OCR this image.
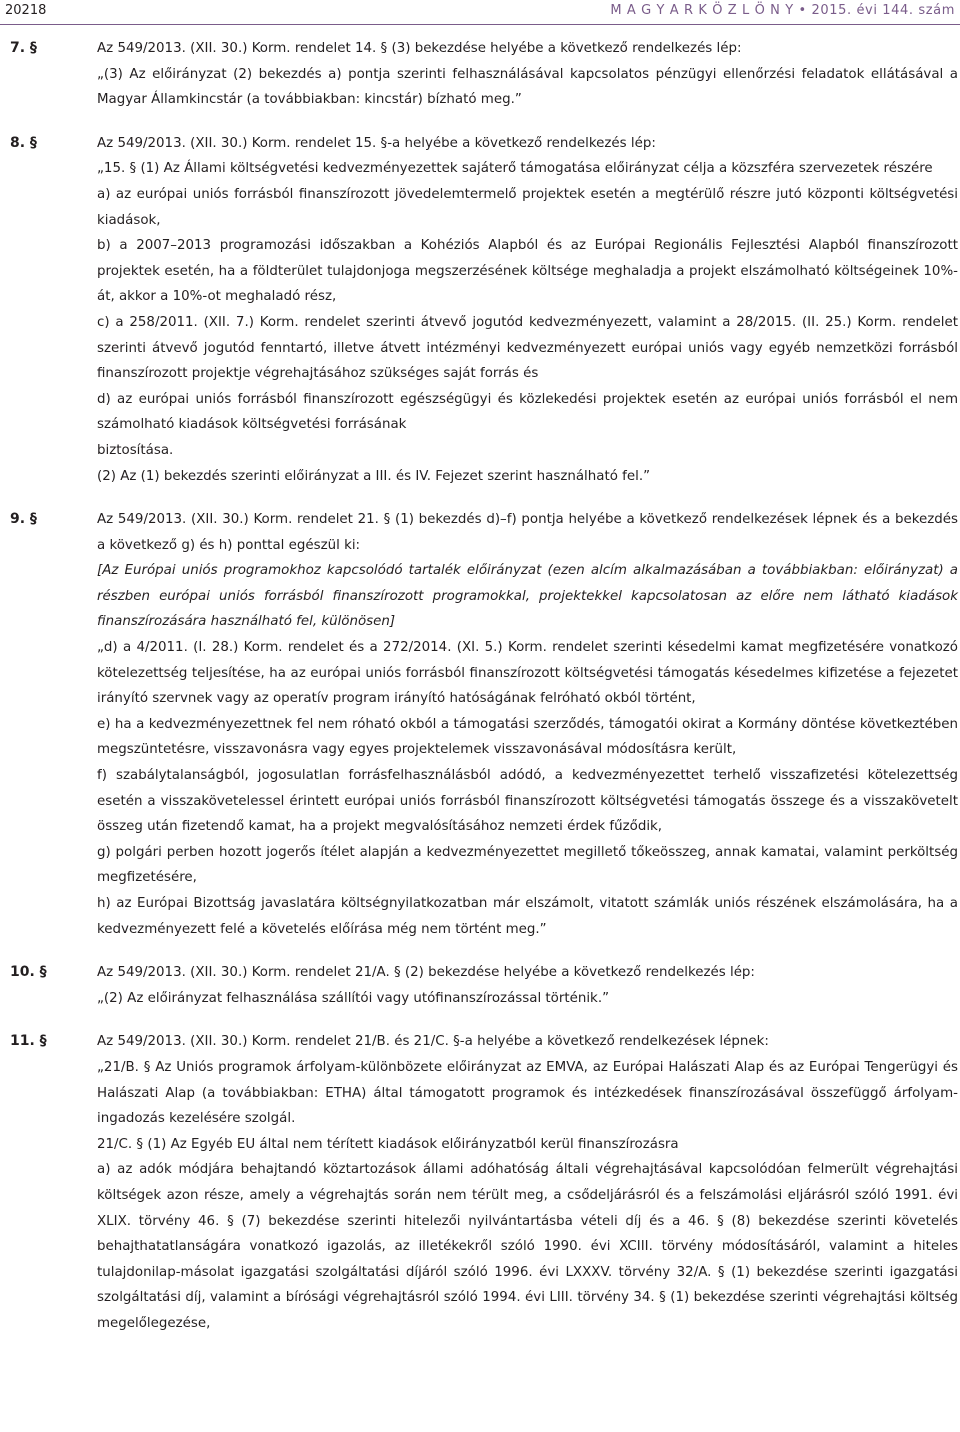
20218	M A G Y A R K Ö Z L Ö N Y • 2015. évi 144. szám
7. §	Az 549/2013. (XII. 30.) Korm. rendelet 14. § (3) bekezdése helyébe a következő rendelkezés lép:

„(3) Az előirányzat (2) bekezdés a) pontja szerinti felhasználásával kapcsolatos pénzügyi ellenőrzési feladatok ellátásával a Magyar Államkincstár (a továbbiakban: kincstár) bízható meg.”

8. §	Az 549/2013. (XII. 30.) Korm. rendelet 15. §-a helyébe a következő rendelkezés lép:

„15. § (1) Az Állami költségvetési kedvezményezettek sajáterő támogatása előirányzat célja a közszféra szervezetek részére

a) az európai uniós forrásból finanszírozott jövedelemtermelő projektek esetén a megtérülő részre jutó központi költségvetési kiadások,

b) a 2007–2013 programozási időszakban a Kohéziós Alapból és az Európai Regionális Fejlesztési Alapból finanszírozott projektek esetén, ha a földterület tulajdonjoga megszerzésének költsége meghaladja a projekt elszámolható költségeinek 10%-át, akkor a 10%-ot meghaladó rész,

c) a 258/2011. (XII. 7.) Korm. rendelet szerinti átvevő jogutód kedvezményezett, valamint a 28/2015. (II. 25.) Korm. rendelet szerinti átvevő jogutód fenntartó, illetve átvett intézményi kedvezményezett európai uniós vagy egyéb nemzetközi forrásból finanszírozott projektje végrehajtásához szükséges saját forrás és

d) az európai uniós forrásból finanszírozott egészségügyi és közlekedési projektek esetén az európai uniós forrásból el nem számolható kiadások költségvetési forrásának

biztosítása.

(2) Az (1) bekezdés szerinti előirányzat a III. és IV. Fejezet szerint használható fel.”

9. §	Az 549/2013. (XII. 30.) Korm. rendelet 21. § (1) bekezdés d)–f) pontja helyébe a következő rendelkezések lépnek és a bekezdés a következő g) és h) ponttal egészül ki:

[Az Európai uniós programokhoz kapcsolódó tartalék előirányzat (ezen alcím alkalmazásában a továbbiakban: előirányzat) a részben európai uniós forrásból finanszírozott programokkal, projektekkel kapcsolatosan az előre nem látható kiadások finanszírozására használható fel, különösen]

„d) a 4/2011. (I. 28.) Korm. rendelet és a 272/2014. (XI. 5.) Korm. rendelet szerinti késedelmi kamat megfizetésére vonatkozó kötelezettség teljesítése, ha az európai uniós forrásból finanszírozott költségvetési támogatás késedelmes kifizetése a fejezetet irányító szervnek vagy az operatív program irányító hatóságának felróható okból történt,

e) ha a kedvezményezettnek fel nem róható okból a támogatási szerződés, támogatói okirat a Kormány döntése következtében megszüntetésre, visszavonásra vagy egyes projektelemek visszavonásával módosításra került,

f) szabálytalanságból, jogosulatlan forrásfelhasználásból adódó, a kedvezményezettet terhelő visszafizetési kötelezettség esetén a visszakövetelessel érintett európai uniós forrásból finanszírozott költségvetési támogatás összege és a visszakövetelt összeg után fizetendő kamat, ha a projekt megvalósításához nemzeti érdek fűződik,

g) polgári perben hozott jogerős ítélet alapján a kedvezményezettet megillető tőkeösszeg, annak kamatai, valamint perköltség megfizetésére,

h) az Európai Bizottság javaslatára költségnyilatkozatban már elszámolt, vitatott számlák uniós részének elszámolására, ha a kedvezményezett felé a követelés előírása még nem történt meg.”

10. §	Az 549/2013. (XII. 30.) Korm. rendelet 21/A. § (2) bekezdése helyébe a következő rendelkezés lép:

„(2) Az előirányzat felhasználása szállítói vagy utófinanszírozással történik.”

11. §	Az 549/2013. (XII. 30.) Korm. rendelet 21/B. és 21/C. §-a helyébe a következő rendelkezések lépnek:

„21/B. § Az Uniós programok árfolyam-különbözete előirányzat az EMVA, az Európai Halászati Alap és az Európai Tengerügyi és Halászati Alap (a továbbiakban: ETHA) által támogatott programok és intézkedések finanszírozásával összefüggő árfolyam-ingadozás kezelésére szolgál.

21/C. § (1) Az Egyéb EU által nem térített kiadások előirányzatból kerül finanszírozásra

a) az adók módjára behajtandó köztartozások állami adóhatóság általi végrehajtásával kapcsolódóan felmerült végrehajtási költségek azon része, amely a végrehajtás során nem térült meg, a csődeljárásról és a felszámolási eljárásról szóló 1991. évi XLIX. törvény 46. § (7) bekezdése szerinti hitelezői nyilvántartásba vételi díj és a 46. § (8) bekezdése szerinti követelés behajthatatlanságára vonatkozó igazolás, az illetékekről szóló 1990. évi XCIII. törvény módosításáról, valamint a hiteles tulajdonilap-másolat igazgatási szolgáltatási díjáról szóló 1996. évi LXXXV. törvény 32/A. § (1) bekezdése szerinti igazgatási szolgáltatási díj, valamint a bírósági végrehajtásról szóló 1994. évi LIII. törvény 34. § (1) bekezdése szerinti végrehajtási költség megelőlegezése,
